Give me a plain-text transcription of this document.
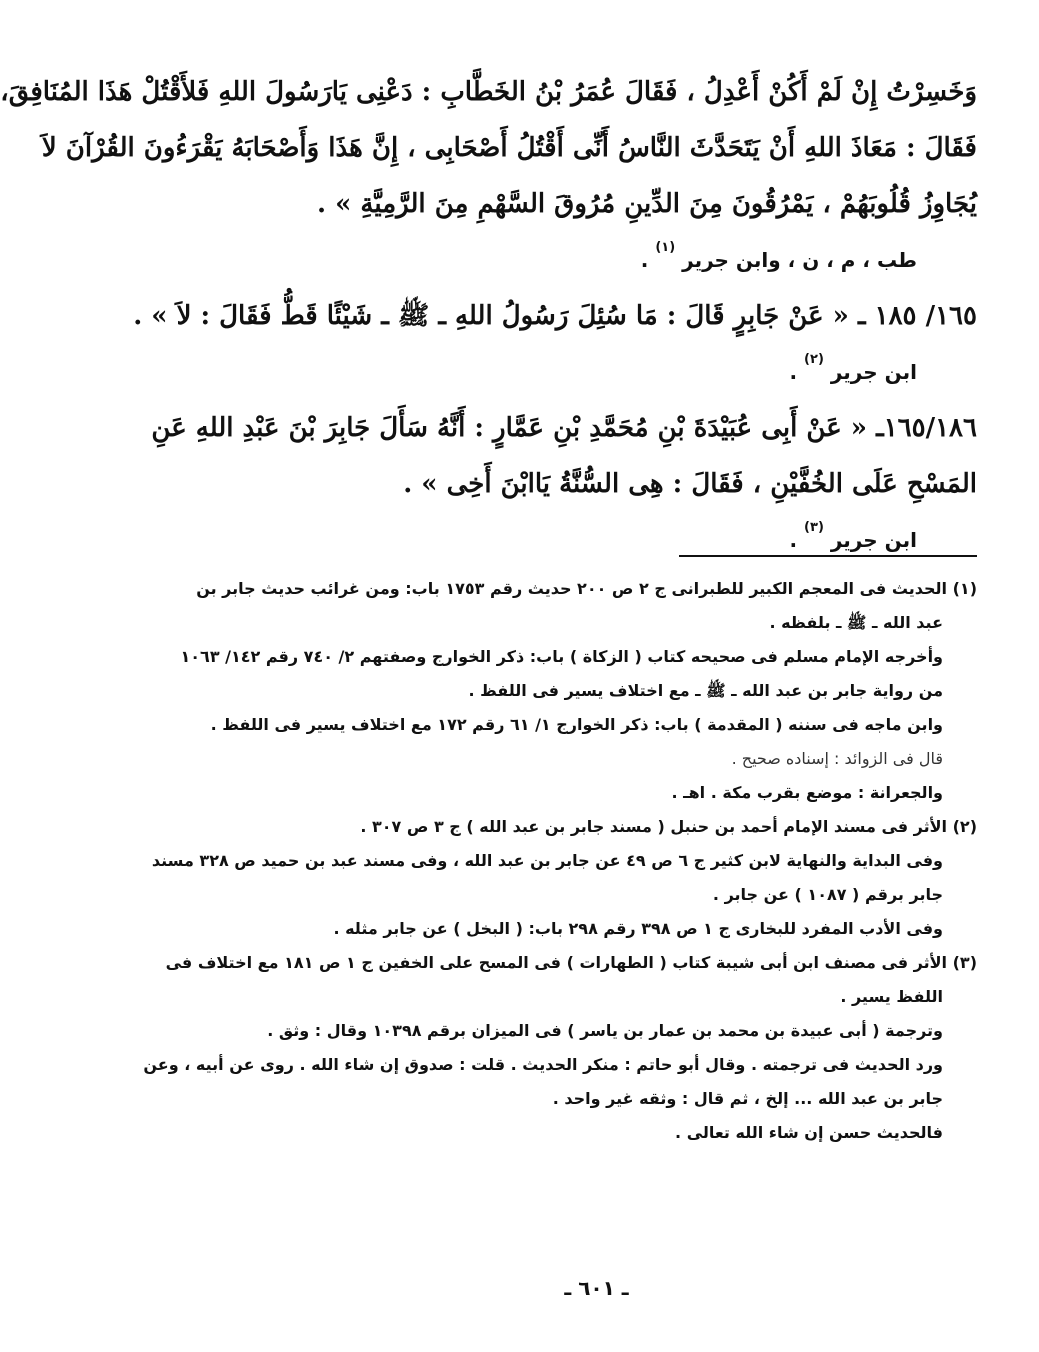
وَخَسِرْتُ إِنْ لَمْ أَكُنْ أَعْدِلُ ، فَقَالَ عُمَرُ بْنُ الخَطَّابِ : دَعْنِى يَارَسُولَ اللهِ فَلأَقْتُلْ هَذَا المُنَافِقَ،
فَقَالَ : مَعَاذَ اللهِ أَنْ يَتَحَدَّثَ النَّاسُ أَنِّى أَقْتُلُ أَصْحَابِى ، إِنَّ هَذَا وَأَصْحَابَهُ يَقْرَءُونَ القُرْآنَ لاَ
يُجَاوِزُ قُلُوبَهُمْ ، يَمْرُقُونَ مِنَ الدِّينِ مُرُوقَ السَّهْمِ مِنَ الرَّمِيَّةِ » .
طب ، م ، ن ، وابن جرير $^{(١)}$ .
١٦٥/ ١٨٥ ـ « عَنْ جَابِرٍ قَالَ : مَا سُئِلَ رَسُولُ اللهِ ـ ﷺ ـ شَيْئًا قَطُّ فَقَالَ : لاَ » .
ابن جرير $^{(٢)}$ .
١٦٥/١٨٦ـ « عَنْ أَبِى عُبَيْدَةَ بْنِ مُحَمَّدِ بْنِ عَمَّارٍ : أَنَّهُ سَأَلَ جَابِرَ بْنَ عَبْدِ اللهِ عَنِ
المَسْحِ عَلَى الخُفَّيْنِ ، فَقَالَ : هِى السُّنَّةُ يَاابْنَ أَخِى » .
ابن جرير $^{(٣)}$ .
(١) الحديث فى المعجم الكبير للطبرانى ج ٢ ص ٢٠٠ حديث رقم ١٧٥٣ باب: ومن غرائب حديث جابر بن
عبد الله ـ ﷺ ـ بلفظه .
وأخرجه الإمام مسلم فى صحيحه كتاب ( الزكاة ) باب: ذكر الخوارج وصفتهم ٢/ ٧٤٠ رقم ١٤٢/ ١٠٦٣
من رواية جابر بن عبد الله ـ ﷺ ـ مع اختلاف يسير فى اللفظ .
وابن ماجه فى سننه ( المقدمة ) باب: ذكر الخوارج ١/ ٦١ رقم ١٧٢ مع اختلاف يسير فى اللفظ .
قال فى الزوائد : إسناده صحيح .
والجعرانة : موضع بقرب مكة . اهـ .
(٢) الأثر فى مسند الإمام أحمد بن حنبل ( مسند جابر بن عبد الله ) ج ٣ ص ٣٠٧ .
وفى البداية والنهاية لابن كثير ج ٦ ص ٤٩ عن جابر بن عبد الله ، وفى مسند عبد بن حميد ص ٣٢٨ مسند
جابر برقم ( ١٠٨٧ ) عن جابر .
وفى الأدب المفرد للبخارى ج ١ ص ٣٩٨ رقم ٢٩٨ باب: ( البخل ) عن جابر مثله .
(٣) الأثر فى مصنف ابن أبى شيبة كتاب ( الطهارات ) فى المسح على الخفين ج ١ ص ١٨١ مع اختلاف فى
اللفظ يسير .
وترجمة ( أبى عبيدة بن محمد بن عمار بن ياسر ) فى الميزان برقم ١٠٣٩٨ وقال : وثق .
ورد الحديث فى ترجمته . وقال أبو حاتم : منكر الحديث . قلت : صدوق إن شاء الله . روى عن أبيه ، وعن
جابر بن عبد الله ... إلخ ، ثم قال : وثقه غير واحد .
فالحديث حسن إن شاء الله تعالى .
ـ ٦٠١ ـ
